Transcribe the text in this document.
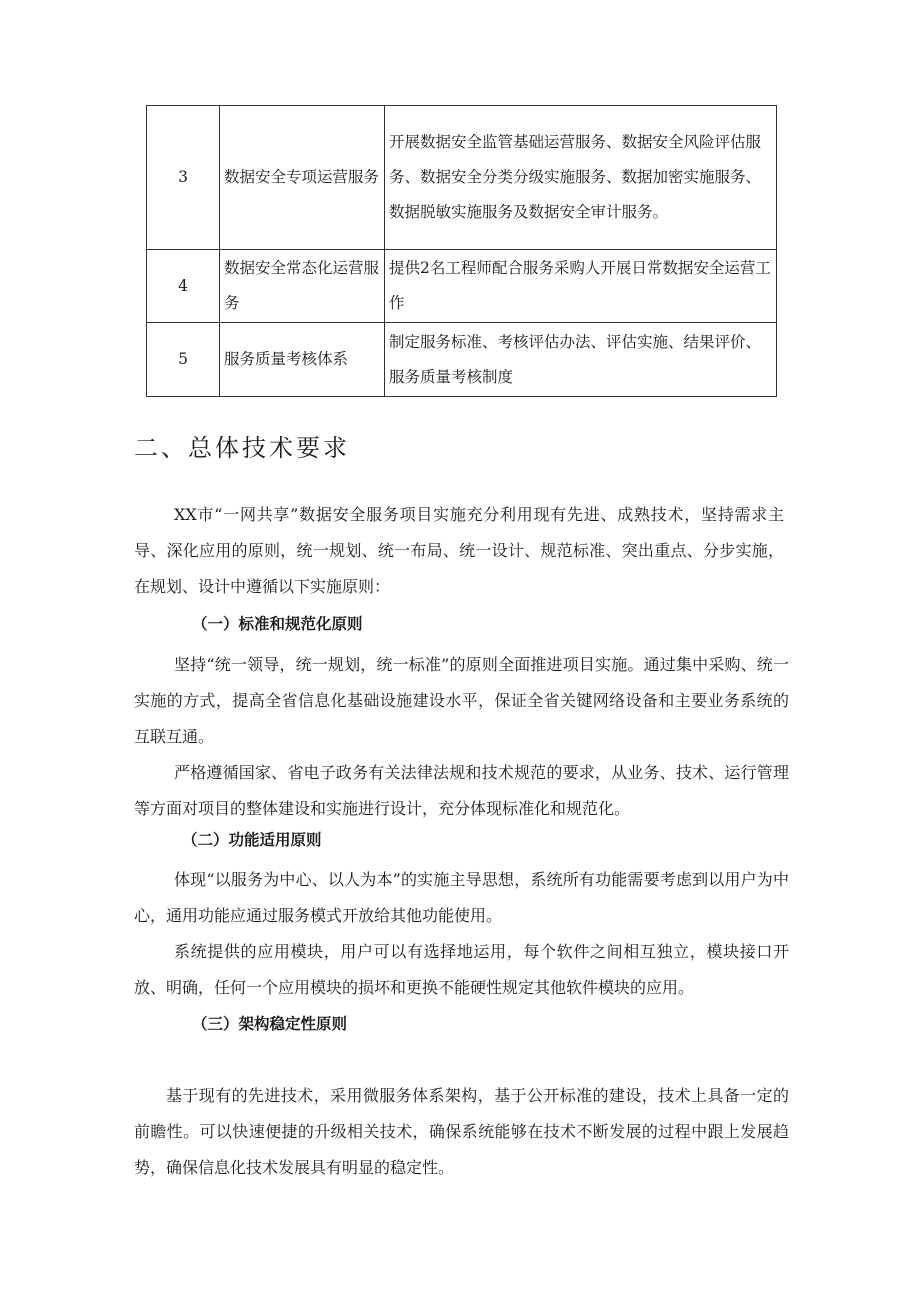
3	数据安全专项运营服务	开展数据安全监管基础运营服务、数据安全风险评估服务、数据安全分类分级实施服务、数据加密实施服务、数据脱敏实施服务及数据安全审计服务。
4	数据安全常态化运营服务	提供2名工程师配合服务采购人开展日常数据安全运营工作
5	服务质量考核体系	制定服务标准、考核评估办法、评估实施、结果评价、服务质量考核制度
二、总体技术要求

XX市“一网共享”数据安全服务项目实施充分利用现有先进、成熟技术，坚持需求主导、深化应用的原则，统一规划、统一布局、统一设计、规范标准、突出重点、分步实施，在规划、设计中遵循以下实施原则：

（一）标准和规范化原则

坚持“统一领导，统一规划，统一标准”的原则全面推进项目实施。通过集中采购、统一实施的方式，提高全省信息化基础设施建设水平，保证全省关键网络设备和主要业务系统的互联互通。

严格遵循国家、省电子政务有关法律法规和技术规范的要求，从业务、技术、运行管理等方面对项目的整体建设和实施进行设计，充分体现标准化和规范化。

（二）功能适用原则

体现“以服务为中心、以人为本”的实施主导思想，系统所有功能需要考虑到以用户为中心，通用功能应通过服务模式开放给其他功能使用。

系统提供的应用模块，用户可以有选择地运用，每个软件之间相互独立，模块接口开放、明确，任何一个应用模块的损坏和更换不能硬性规定其他软件模块的应用。

（三）架构稳定性原则

基于现有的先进技术，采用微服务体系架构，基于公开标准的建设，技术上具备一定的前瞻性。可以快速便捷的升级相关技术，确保系统能够在技术不断发展的过程中跟上发展趋势，确保信息化技术发展具有明显的稳定性。
